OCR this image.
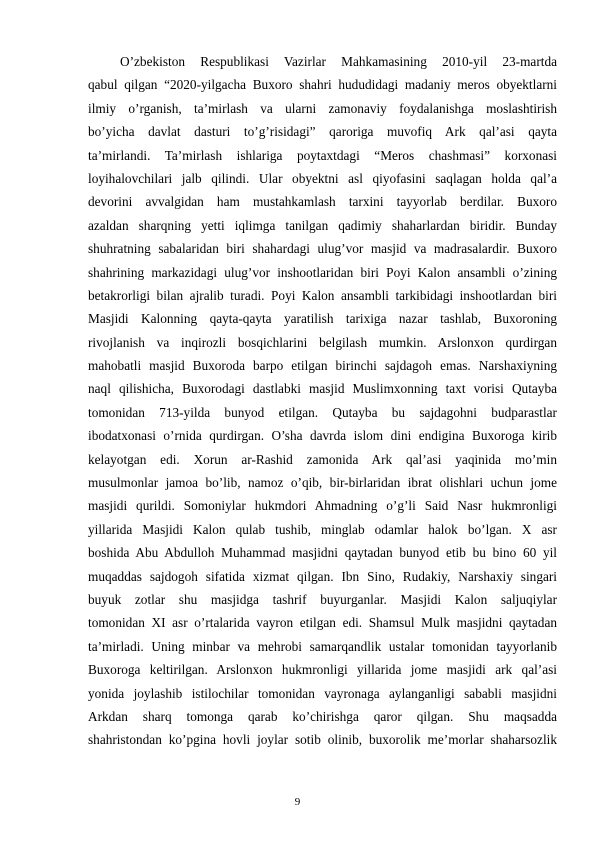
O’zbekiston Respublikasi Vazirlar Mahkamasining 2010-yil 23-martda
qabul qilgan “2020-yilgacha Buxoro shahri hududidagi madaniy meros obyektlarni
ilmiy o’rganish, ta’mirlash va ularni zamonaviy foydalanishga moslashtirish
bo’yicha davlat dasturi to’g’risidagi” qaroriga muvofiq Ark qal’asi qayta
ta’mirlandi. Ta’mirlash ishlariga poytaxtdagi “Meros chashmasi” korxonasi
loyihalovchilari jalb qilindi. Ular obyektni asl qiyofasini saqlagan holda qal’a
devorini avvalgidan ham mustahkamlash tarxini tayyorlab berdilar. Buxoro
azaldan sharqning yetti iqlimga tanilgan qadimiy shaharlardan biridir. Bunday
shuhratning sabalaridan biri shahardagi ulug’vor masjid va madrasalardir. Buxoro
shahrining markazidagi ulug’vor inshootlaridan biri Poyi Kalon ansambli o’zining
betakrorligi bilan ajralib turadi. Poyi Kalon ansambli tarkibidagi inshootlardan biri
Masjidi Kalonning qayta-qayta yaratilish tarixiga nazar tashlab, Buxoroning
rivojlanish va inqirozli bosqichlarini belgilash mumkin. Arslonxon qurdirgan
mahobatli masjid Buxoroda barpo etilgan birinchi sajdagoh emas. Narshaxiyning
naql qilishicha, Buxorodagi dastlabki masjid Muslimxonning taxt vorisi Qutayba
tomonidan 713-yilda bunyod etilgan. Qutayba bu sajdagohni budparastlar
ibodatxonasi o’rnida qurdirgan. O’sha davrda islom dini endigina Buxoroga kirib
kelayotgan edi. Xorun ar-Rashid zamonida Ark qal’asi yaqinida mo’min
musulmonlar jamoa bo’lib, namoz o’qib, bir-birlaridan ibrat olishlari uchun jome
masjidi qurildi. Somoniylar hukmdori Ahmadning o’g’li Said Nasr hukmronligi
yillarida Masjidi Kalon qulab tushib, minglab odamlar halok bo’lgan. X asr
boshida Abu Abdulloh Muhammad masjidni qaytadan bunyod etib bu bino 60 yil
muqaddas sajdogoh sifatida xizmat qilgan. Ibn Sino, Rudakiy, Narshaxiy singari
buyuk zotlar shu masjidga tashrif buyurganlar. Masjidi Kalon saljuqiylar
tomonidan XI asr o’rtalarida vayron etilgan edi. Shamsul Mulk masjidni qaytadan
ta’mirladi. Uning minbar va mehrobi samarqandlik ustalar tomonidan tayyorlanib
Buxoroga keltirilgan. Arslonxon hukmronligi yillarida jome masjidi ark qal’asi
yonida joylashib istilochilar tomonidan vayronaga aylanganligi sababli masjidni
Arkdan sharq tomonga qarab ko’chirishga qaror qilgan. Shu maqsadda
shahristondan ko’pgina hovli joylar sotib olinib, buxorolik me’morlar shaharsozlik
9
